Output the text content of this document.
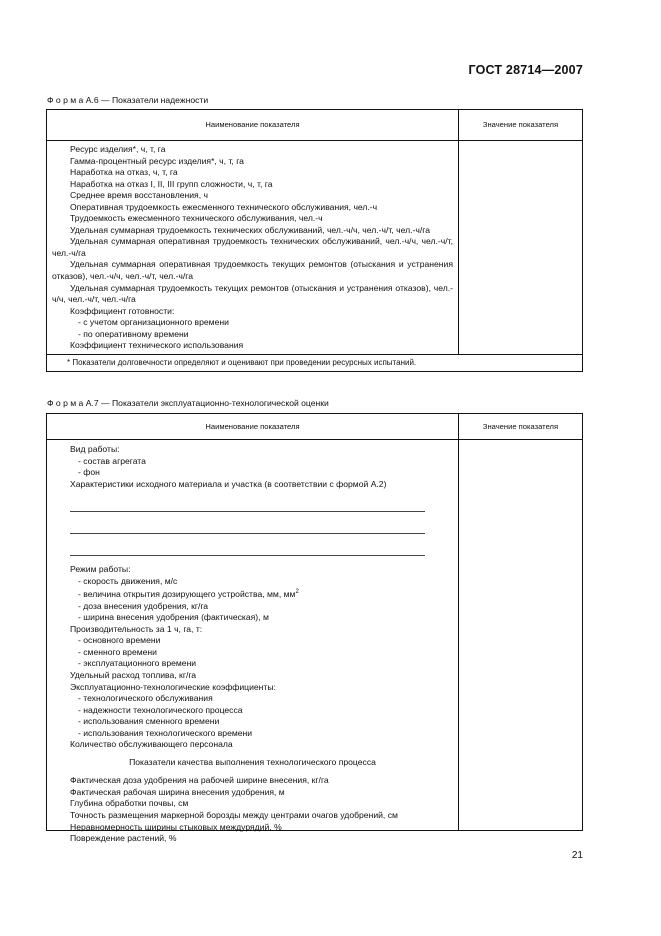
ГОСТ 28714—2007
Ф о р м а А.6 — Показатели надежности
Наименование показателя	Значение показателя
Ресурс изделия*, ч, т, га
Гамма-процентный ресурс изделия*, ч, т, га
Наработка на отказ, ч, т, га
Наработка на отказ I, II, III групп сложности, ч, т, га
Среднее время восстановления, ч
Оперативная трудоемкость ежесменного технического обслуживания, чел.-ч
Трудоемкость ежесменного технического обслуживания, чел.-ч
Удельная суммарная трудоемкость технических обслуживаний, чел.-ч/ч, чел.-ч/т, чел.-ч/га
Удельная суммарная оперативная трудоемкость технических обслуживаний, чел.-ч/ч, чел.-ч/т, чел.-ч/га
Удельная суммарная оперативная трудоемкость текущих ремонтов (отыскания и устранения отказов), чел.-ч/ч, чел.-ч/т, чел.-ч/га
Удельная суммарная трудоемкость текущих ремонтов (отыскания и устранения отказов), чел.-ч/ч, чел.-ч/т, чел.-ч/га
Коэффициент готовности:
- с учетом организационного времени
- по оперативному времени
Коэффициент технического использования
* Показатели долговечности определяют и оценивают при проведении ресурсных испытаний.
Ф о р м а А.7 — Показатели эксплуатационно-технологической оценки
Наименование показателя	Значение показателя
Вид работы:
- состав агрегата
- фон
Характеристики исходного материала и участка (в соответствии с формой А.2)
Режим работы:
- скорость движения, м/с
- величина открытия дозирующего устройства, мм, $мм^2$
- доза внесения удобрения, кг/га
- ширина внесения удобрения (фактическая), м
Производительность за 1 ч, га, т:
- основного времени
- сменного времени
- эксплуатационного времени
Удельный расход топлива, кг/га
Эксплуатационно-технологические коэффициенты:
- технологического обслуживания
- надежности технологического процесса
- использования сменного времени
- использования технологического времени
Количество обслуживающего персонала
Показатели качества выполнения технологического процесса
Фактическая доза удобрения на рабочей ширине внесения, кг/га
Фактическая рабочая ширина внесения удобрения, м
Глубина обработки почвы, см
Точность размещения маркерной борозды между центрами очагов удобрений, см
Неравномерность ширины стыковых междурядий, %
Повреждение растений, %
21
